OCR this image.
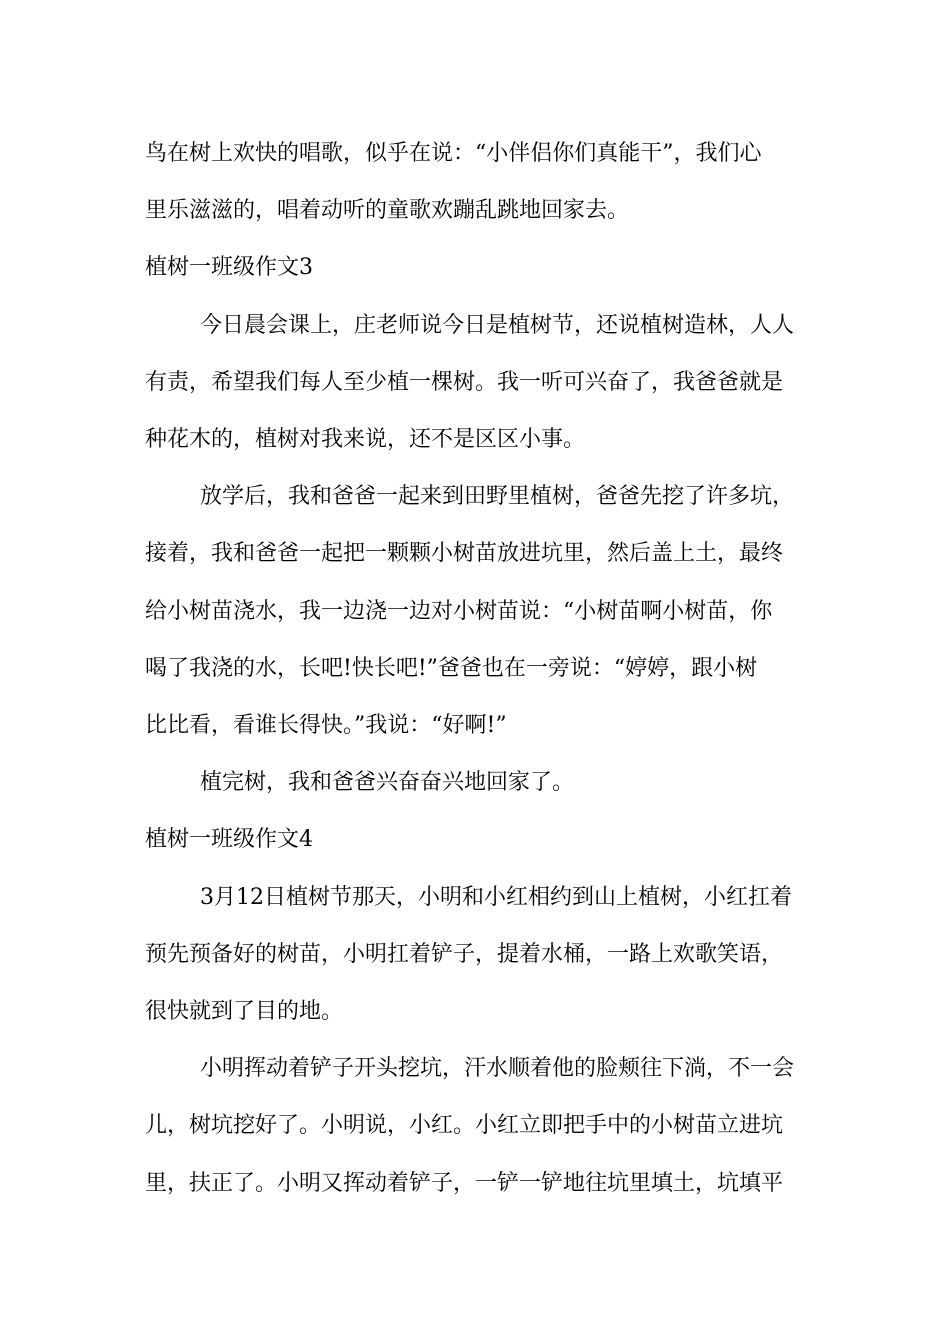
鸟在树上欢快的唱歌，似乎在说：“小伴侣你们真能干”，我们心
里乐滋滋的，唱着动听的童歌欢蹦乱跳地回家去。
植树一班级作文3
今日晨会课上，庄老师说今日是植树节，还说植树造林，人人
有责，希望我们每人至少植一棵树。我一听可兴奋了，我爸爸就是
种花木的，植树对我来说，还不是区区小事。
放学后，我和爸爸一起来到田野里植树，爸爸先挖了许多坑，
接着，我和爸爸一起把一颗颗小树苗放进坑里，然后盖上土，最终
给小树苗浇水，我一边浇一边对小树苗说：“小树苗啊小树苗，你
喝了我浇的水，长吧!快长吧!”爸爸也在一旁说：“婷婷，跟小树
比比看，看谁长得快。”我说：“好啊!”
植完树，我和爸爸兴奋奋兴地回家了。
植树一班级作文4
3月12日植树节那天，小明和小红相约到山上植树，小红扛着
预先预备好的树苗，小明扛着铲子，提着水桶，一路上欢歌笑语，
很快就到了目的地。
小明挥动着铲子开头挖坑，汗水顺着他的脸颊往下淌，不一会
儿，树坑挖好了。小明说，小红。小红立即把手中的小树苗立进坑
里，扶正了。小明又挥动着铲子，一铲一铲地往坑里填土，坑填平
